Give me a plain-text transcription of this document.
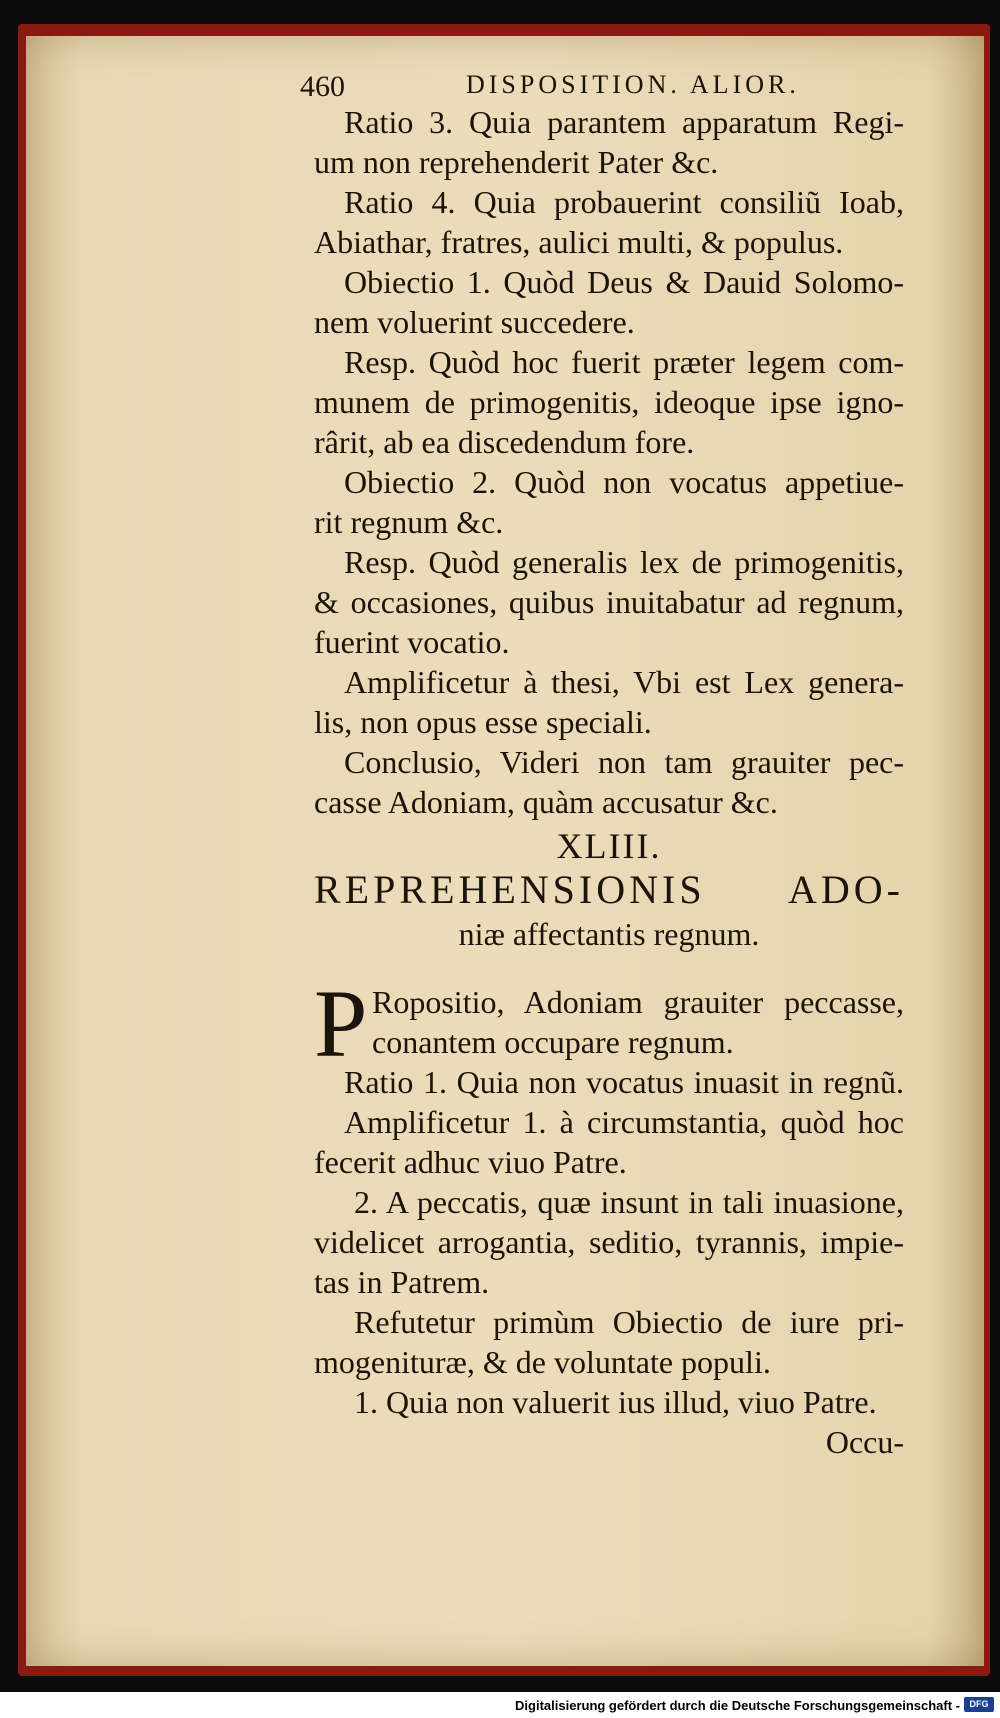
460	DISPOSITION. ALIOR.
Ratio 3. Quia parantem apparatum Regi-
um non reprehenderit Pater &c.
Ratio 4. Quia probauerint consiliũ Ioab,
Abiathar, fratres, aulici multi, & populus.
Obiectio 1. Quòd Deus & Dauid Solomo-
nem voluerint succedere.
Resp. Quòd hoc fuerit præter legem com-
munem de primogenitis, ideoque ipse igno-
rârit, ab ea discedendum fore.
Obiectio 2. Quòd non vocatus appetiue-
rit regnum &c.
Resp. Quòd generalis lex de primogenitis,
& occasiones, quibus inuitabatur ad regnum,
fuerint vocatio.
Amplificetur à thesi, Vbi est Lex genera-
lis, non opus esse speciali.
Conclusio, Videri non tam grauiter pec-
casse Adoniam, quàm accusatur &c.
XLIII.
REPREHENSIONIS ADO-
niæ affectantis regnum.
P Ropositio, Adoniam grauiter peccasse,
conantem occupare regnum.
Ratio 1. Quia non vocatus inuasit in regnũ.
Amplificetur 1. à circumstantia, quòd hoc
fecerit adhuc viuo Patre.
2. A peccatis, quæ insunt in tali inuasione,
videlicet arrogantia, seditio, tyrannis, impie-
tas in Patrem.
Refutetur primùm Obiectio de iure pri-
mogenituræ, & de voluntate populi.
1. Quia non valuerit ius illud, viuo Patre.
Occu-
Digitalisierung gefördert durch die Deutsche Forschungsgemeinschaft -	DFG
